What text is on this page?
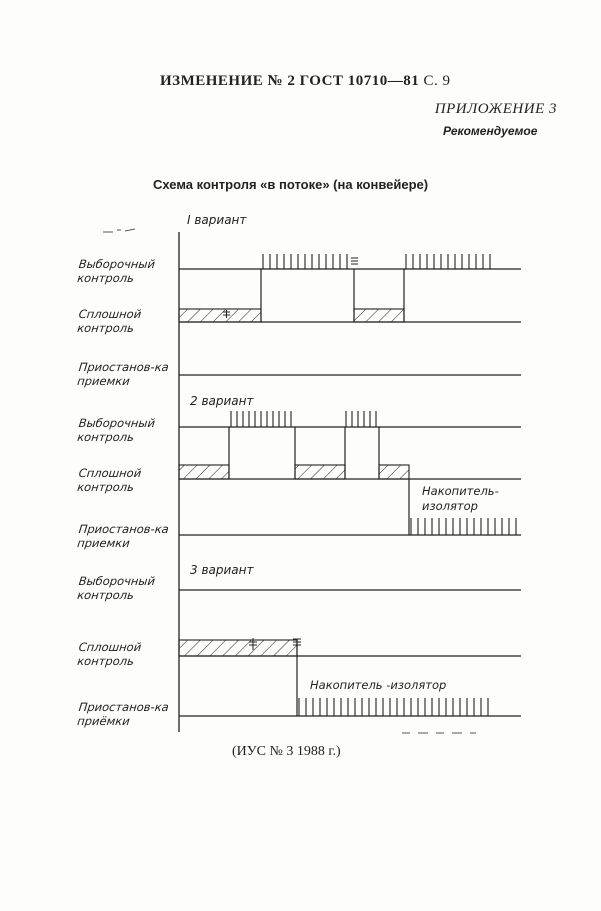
ИЗМЕНЕНИЕ № 2 ГОСТ 10710—81 С. 9
ПРИЛОЖЕНИЕ 3
Рекомендуемое
Схема контроля «в потоке» (на конвейере)
Выборочный контроль
Сплошной контроль
Приостанов-ка приемки
Выборочный контроль
Сплошной контроль
Приостанов-ка приемки
Выборочный контроль
Сплошной контроль
Приостанов-ка приёмки
I вариант
2 вариант
3 вариант
Накопитель-изолятор
Накопитель -изолятор
(ИУС № 3 1988 г.)
